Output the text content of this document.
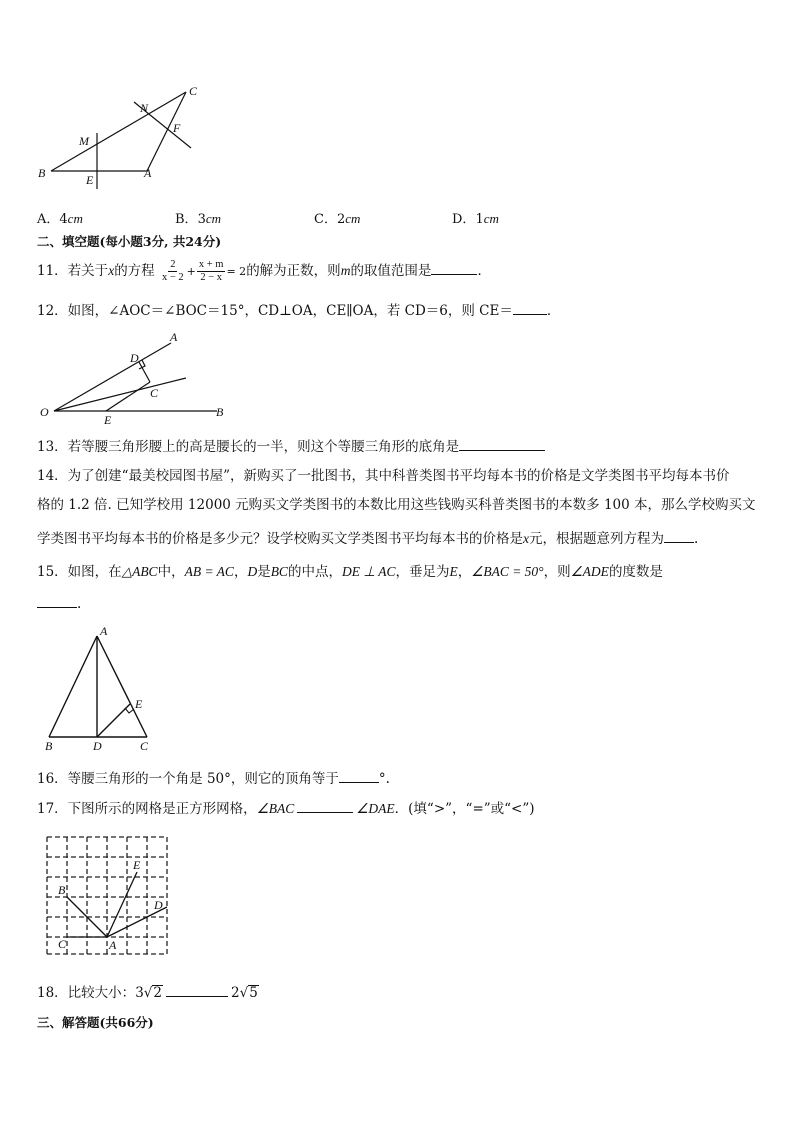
B	E	A
M
N
C
F
A．4cm	B．3cm	C．2cm	D．1cm
二、填空题(每小题3分, 共24分)
11．若关于x的方程 $\frac{2}{x - 2} + \frac{x + m}{2 - x} = 2$的解为正数，则m的取值范围是	．
12．如图，∠AOC＝∠BOC＝15°，CD⊥OA，CE∥OA，若 CD＝6，则 CE＝	．
A
D
C
O
E
B
13．若等腰三角形腰上的高是腰长的一半，则这个等腰三角形的底角是
14．为了创建“最美校园图书屋”，新购买了一批图书，其中科普类图书平均每本书的价格是文学类图书平均每本书价
格的 1.2 倍. 已知学校用 12000 元购买文学类图书的本数比用这些钱购买科普类图书的本数多 100 本，那么学校购买文
学类图书平均每本书的价格是多少元？设学校购买文学类图书平均每本书的价格是x元，根据题意列方程为 .
15．如图，在△ABC中，AB = AC，D是BC的中点，DE ⊥ AC，垂足为E，∠BAC = 50°，则∠ADE的度数是
.
A
E
B	D	C
16．等腰三角形的一个角是 50°，则它的顶角等于	°.
17．下图所示的网格是正方形网格，∠BAC	∠DAE．(填“>”，“=”或“<”)
E
B
D
C	A
18．比较大小：3√2	2√5
三、解答题(共66分)
